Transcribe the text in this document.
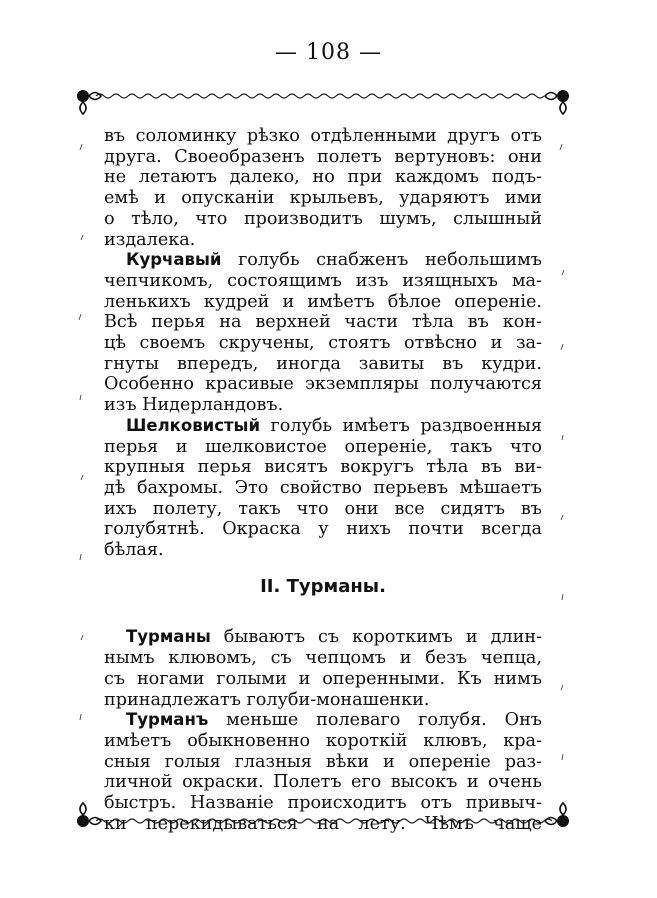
— 108 —

въ соломинку рѣзко отдѣленными другъ отъ

друга. Своеобразенъ полетъ вертуновъ: они

не летаютъ далеко, но при каждомъ подъ-

емѣ и опусканiи крыльевъ, ударяютъ ими

о тѣло, что производитъ шумъ, слышный

издалека.

Курчавый голубь снабженъ небольшимъ

чепчикомъ, состоящимъ изъ изящныхъ ма-

ленькихъ кудрей и имѣетъ бѣлое оперенiе.

Всѣ перья на верхней части тѣла въ кон-

цѣ своемъ скручены, стоятъ отвѣсно и за-

гнуты впередъ, иногда завиты въ кудри.

Особенно красивые экземпляры получаются

изъ Нидерландовъ.

Шелковистый голубь имѣетъ раздвоенныя

перья и шелковистое оперенiе, такъ что

крупныя перья висятъ вокругъ тѣла въ ви-

дѣ бахромы. Это свойство перьевъ мѣшаетъ

ихъ полету, такъ что они все сидятъ въ

голубятнѣ. Окраска у нихъ почти всегда

бѣлая.

II. Турманы.

Турманы бываютъ съ короткимъ и длин-

нымъ клювомъ, съ чепцомъ и безъ чепца,

съ ногами голыми и оперенными. Къ нимъ

принадлежатъ голуби-монашенки.

Турманъ меньше полеваго голубя. Онъ

имѣетъ обыкновенно короткiй клювъ, кра-

сныя голыя глазныя вѣки и оперенiе раз-

личной окраски. Полетъ его высокъ и очень

быстръ. Названiе происходитъ отъ привыч-

ки перекидываться на лету. Чѣмъ чаще
